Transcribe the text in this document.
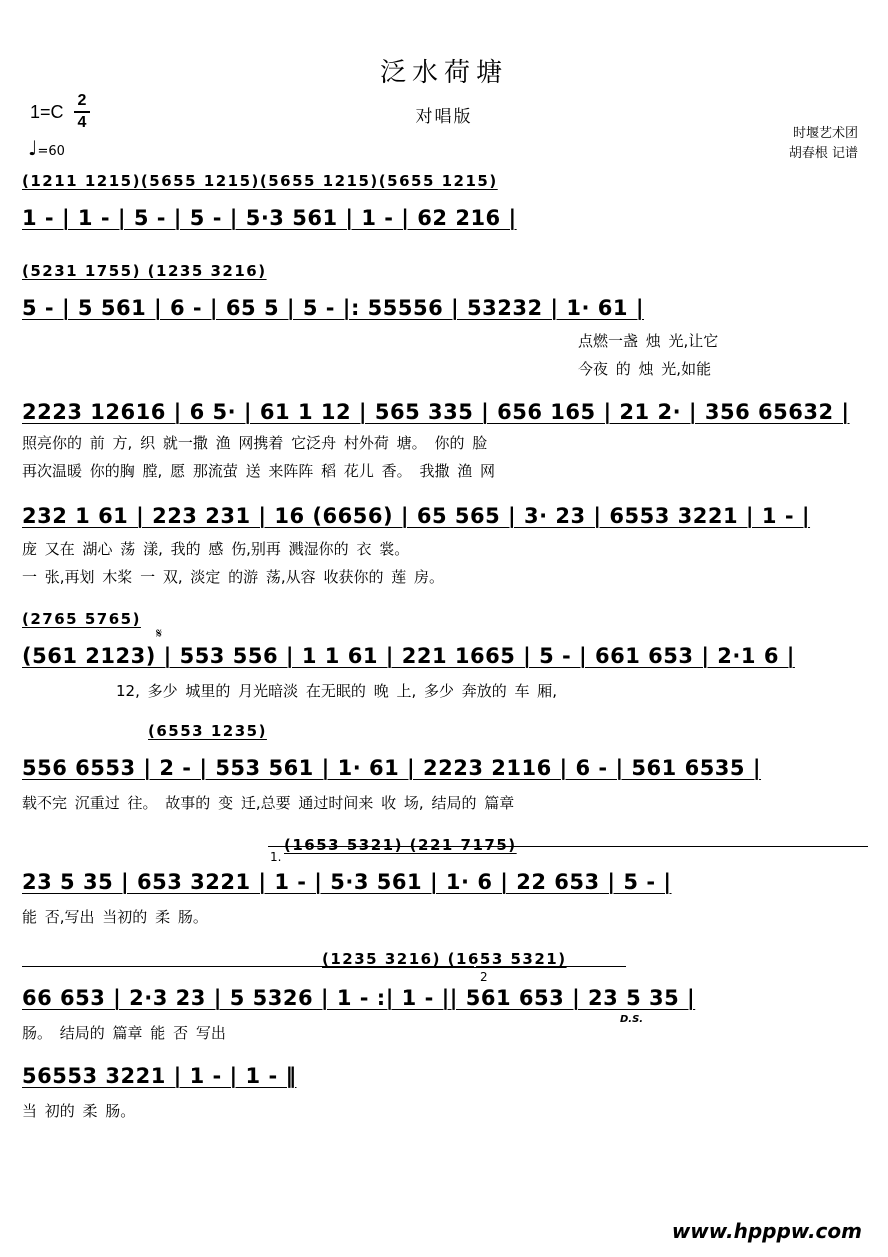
泛水荷塘
对唱版
1=C
2
4
♩=60
时堰艺术团
胡春根 记谱
(1211 1215)(5655 1215)(5655 1215)(5655 1215)
1 - | 1 - | 5 - | 5 - | 5·3 561 | 1 - | 62 216 |
(5231 1755) (1235 3216)
5 - | 5 561 | 6 - | 65 5 | 5 - |: 55556 | 53232 | 1· 61 |
点燃一盏 烛 光,让它
今夜 的 烛 光,如能
2223 12616 | 6 5· | 61 1 12 | 565 335 | 656 165 | 21 2· | 356 65632 |
照亮你的 前 方, 织 就一撒 渔 网携着 它泛舟 村外荷 塘。 你的 脸
再次温暖 你的胸 膛, 愿 那流萤 送 来阵阵 稻 花儿 香。 我撒 渔 网
232 1 61 | 223 231 | 16 (6656) | 65 565 | 3· 23 | 6553 3221 | 1 - |
庞 又在 湖心 荡 漾, 我的 感 伤,别再 溅湿你的 衣 裳。
一 张,再划 木桨 一 双, 淡定 的游 荡,从容 收获你的 莲 房。
(2765 5765)
𝄋
(561 2123) | 553 556 | 1 1 61 | 221 1665 | 5 - | 661 653 | 2·1 6 |
12, 多少 城里的 月光暗淡 在无眠的 晚 上, 多少 奔放的 车 厢,
(6553 1235)
556 6553 | 2 - | 553 561 | 1· 61 | 2223 2116 | 6 - | 561 6535 |
载不完 沉重过 往。 故事的 变 迁,总要 通过时间来 收 场, 结局的 篇章
1.
(1653 5321) (221 7175)
23 5 35 | 653 3221 | 1 - | 5·3 561 | 1· 6 | 22 653 | 5 - |
能 否,写出 当初的 柔 肠。
2
(1235 3216) (1653 5321)
66 653 | 2·3 23 | 5 5326 | 1 - :| 1 - || 561 653 | 23 5 35 |
D.S.
肠。 结局的 篇章 能 否 写出
56553 3221 | 1 - | 1 - ‖
当 初的 柔 肠。
www.hpppw.com
